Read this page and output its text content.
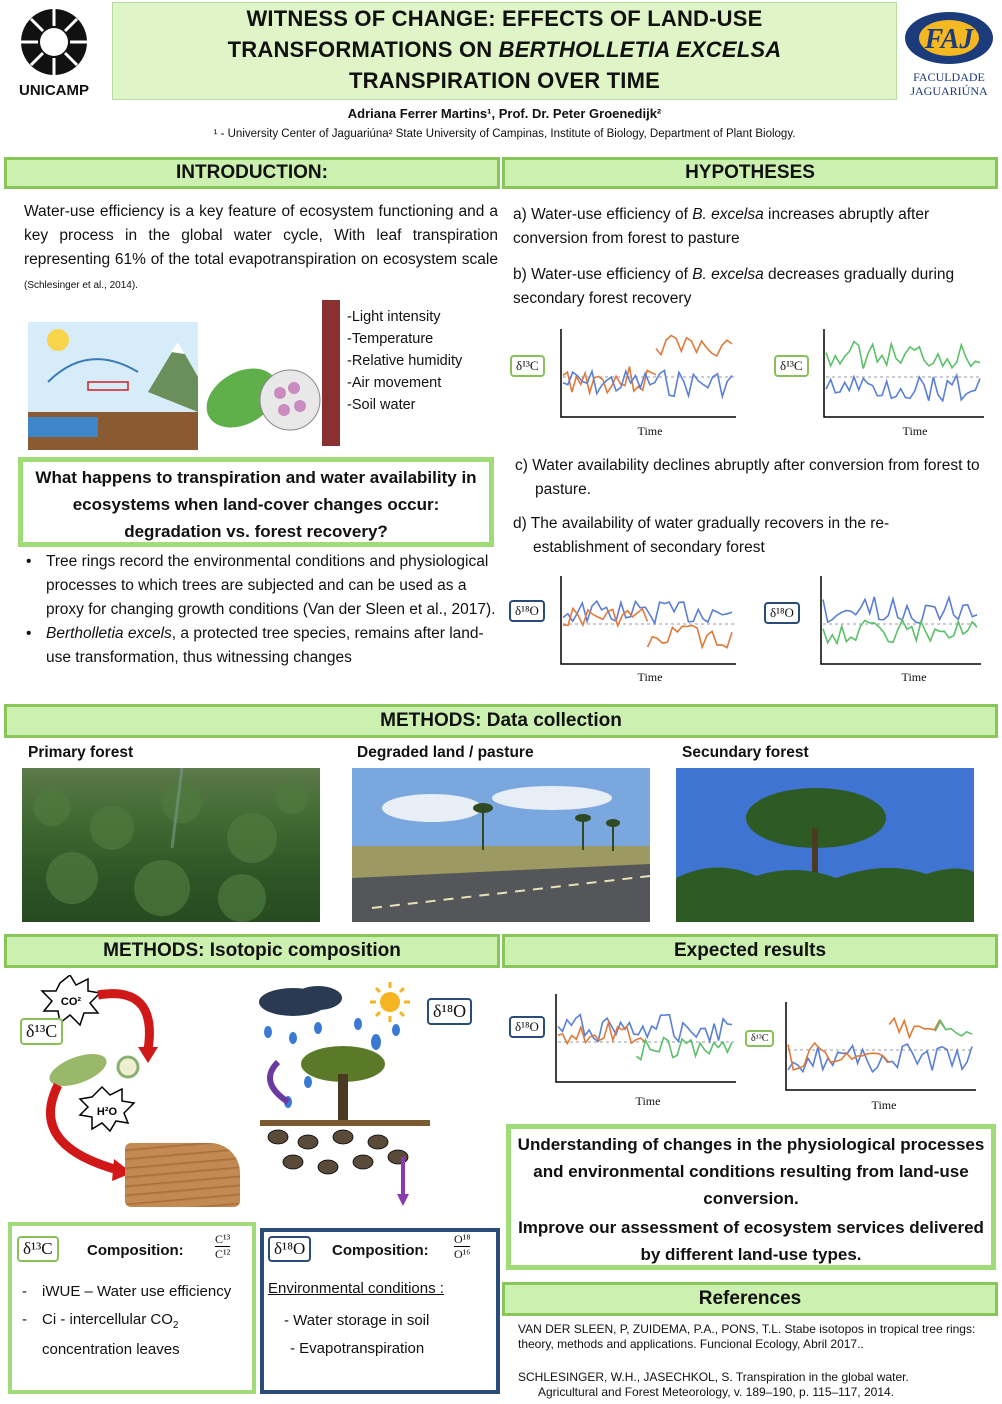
UNICAMP
WITNESS OF CHANGE: EFFECTS OF LAND-USE
TRANSFORMATIONS ON BERTHOLLETIA EXCELSA
TRANSPIRATION OVER TIME
FAJ
FACULDADE
JAGUARIÚNA
Adriana Ferrer Martins¹, Prof. Dr. Peter Groenedijk²
¹ - University Center of Jaguariúna² State University of Campinas, Institute of Biology, Department of Plant Biology.
INTRODUCTION:
Water-use efficiency is a key feature of ecosystem functioning and a key process in the global water cycle, With leaf transpiration representing 61% of the total evapotranspiration on ecosystem scale (Schlesinger et al., 2014).
-Light intensity
-Temperature
-Relative humidity
-Air movement
-Soil water
What happens to transpiration and water availability in ecosystems when land-cover changes occur: degradation vs. forest recovery?
• Tree rings record the environmental conditions and physiological processes to which trees are subjected and can be used as a proxy for changing growth conditions (Van der Sleen et al., 2017).
• Bertholletia excels, a protected tree species, remains after land-use transformation, thus witnessing changes
HYPOTHESES
a) Water-use efficiency of B. excelsa increases abruptly after conversion from forest to pasture
b) Water-use efficiency of B. excelsa decreases gradually during secondary forest recovery
δ¹³C
Time
δ¹³C
Time
c) Water availability declines abruptly after conversion from forest to pasture.
d) The availability of water gradually recovers in the re-establishment of secondary forest
δ¹⁸O
Time
δ¹⁸O
Time
METHODS: Data collection
Primary forest	Degraded land / pasture	Secundary forest
METHODS: Isotopic composition
CO²
H²O
δ¹³C
δ¹⁸O
δ¹³C	Composition:	$\frac{\text{C¹³}}{\text{C¹²}}$
- iWUE – Water use efficiency
- Ci - intercellular $CO_2$ concentration leaves
δ¹⁸O	Composition: $\frac{\text{O¹⁸}}{\text{O¹⁶}}$
Environmental conditions :
- Water storage in soil
- Evapotranspiration
Expected results
δ¹⁸O
Time
δ¹³C
Time
Understanding of changes in the physiological processes and environmental conditions resulting from land-use conversion.
Improve our assessment of ecosystem services delivered by different land-use types.
References
VAN DER SLEEN, P, ZUIDEMA, P.A., PONS, T.L. Stabe isotopos in tropical tree rings: theory, methods and applications. Funcional Ecology, Abril 2017..
SCHLESINGER, W.H., JASECHKOL, S. Transpiration in the global water.
Agricultural and Forest Meteorology, v. 189–190, p. 115–117, 2014.
